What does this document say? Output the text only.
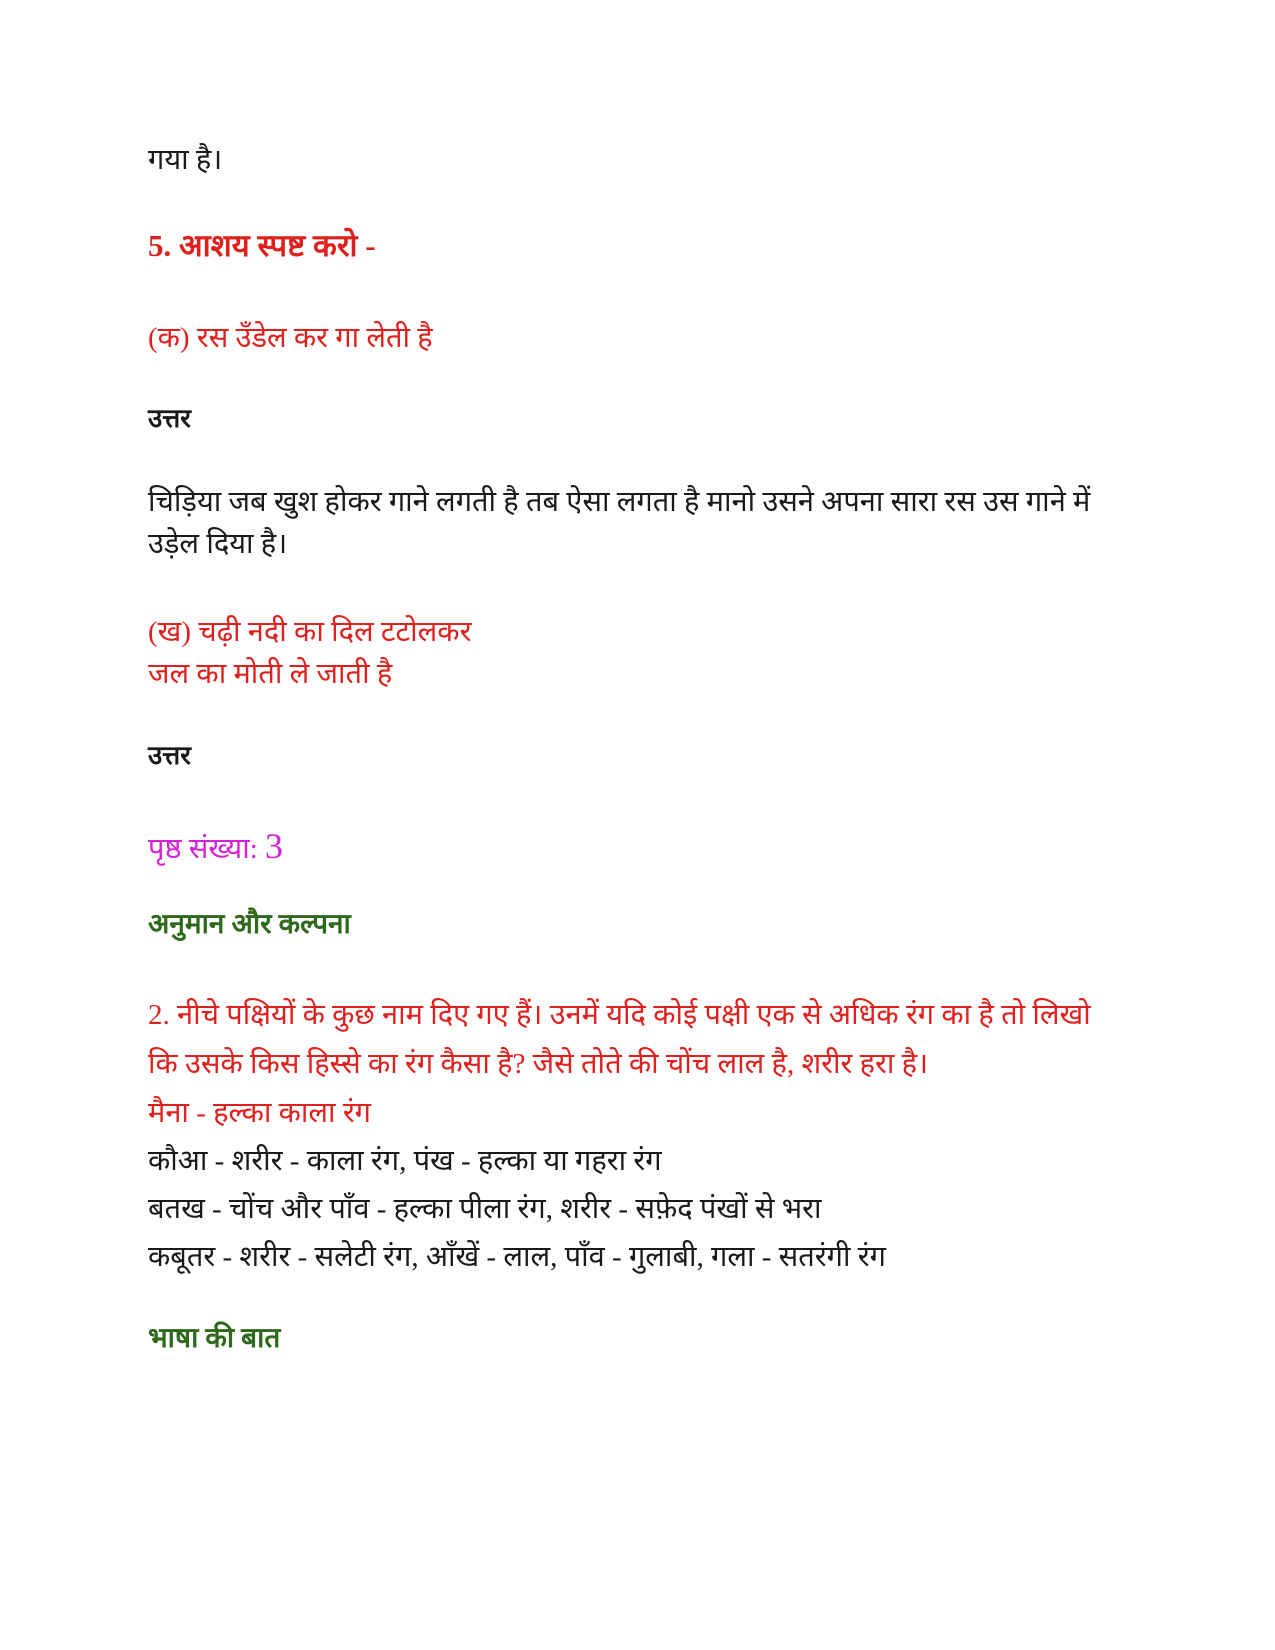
गया है।
5. आशय स्पष्ट करो -
(क) रस उँडेल कर गा लेती है
उत्तर
चिड़िया जब खुश होकर गाने लगती है तब ऐसा लगता है मानो उसने अपना सारा रस उस गाने में
उड़ेल दिया है।
(ख) चढ़ी नदी का दिल टटोलकर
जल का मोती ले जाती है
उत्तर
पृष्ठ संख्या: 3
अनुमान और कल्पना
2. नीचे पक्षियों के कुछ नाम दिए गए हैं। उनमें यदि कोई पक्षी एक से अधिक रंग का है तो लिखो
कि उसके किस हिस्से का रंग कैसा है? जैसे तोते की चोंच लाल है, शरीर हरा है।
मैना - हल्का काला रंग
कौआ - शरीर - काला रंग, पंख - हल्का या गहरा रंग
बतख - चोंच और पाँव - हल्का पीला रंग, शरीर - सफ़ेद पंखों से भरा
कबूतर - शरीर - सलेटी रंग, आँखें - लाल, पाँव - गुलाबी, गला - सतरंगी रंग
भाषा की बात
